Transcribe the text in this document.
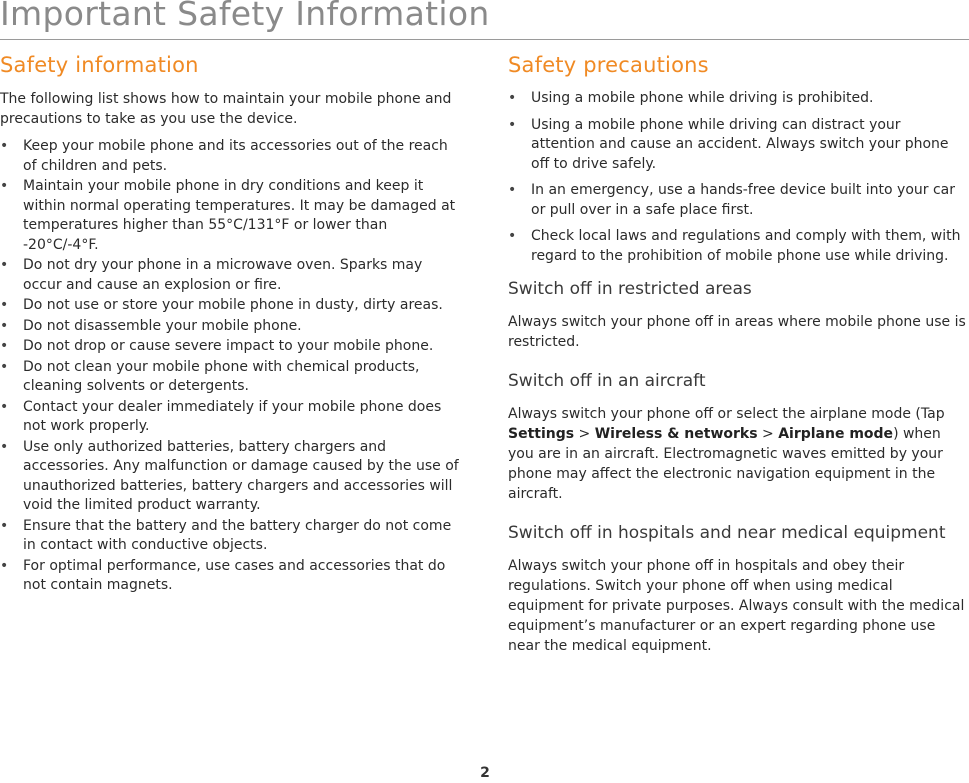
Important Safety Information
Safety information

The following list shows how to maintain your mobile phone and precautions to take as you use the device.

• Keep your mobile phone and its accessories out of the reach of children and pets.
• Maintain your mobile phone in dry conditions and keep it within normal operating temperatures. It may be damaged at temperatures higher than 55°C/131°F or lower than -20°C/-4°F.
• Do not dry your phone in a microwave oven. Sparks may occur and cause an explosion or fire.
• Do not use or store your mobile phone in dusty, dirty areas.
• Do not disassemble your mobile phone.
• Do not drop or cause severe impact to your mobile phone.
• Do not clean your mobile phone with chemical products, cleaning solvents or detergents.
• Contact your dealer immediately if your mobile phone does not work properly.
• Use only authorized batteries, battery chargers and accessories. Any malfunction or damage caused by the use of unauthorized batteries, battery chargers and accessories will void the limited product warranty.
• Ensure that the battery and the battery charger do not come in contact with conductive objects.
• For optimal performance, use cases and accessories that do not contain magnets.
Safety precautions
• Using a mobile phone while driving is prohibited.
• Using a mobile phone while driving can distract your attention and cause an accident. Always switch your phone off to drive safely.
• In an emergency, use a hands-free device built into your car or pull over in a safe place first.
• Check local laws and regulations and comply with them, with regard to the prohibition of mobile phone use while driving.
Switch off in restricted areas

Always switch your phone off in areas where mobile phone use is restricted.

Switch off in an aircraft

Always switch your phone off or select the airplane mode (Tap Settings > Wireless & networks > Airplane mode) when you are in an aircraft. Electromagnetic waves emitted by your phone may affect the electronic navigation equipment in the aircraft.

Switch off in hospitals and near medical equipment

Always switch your phone off in hospitals and obey their regulations. Switch your phone off when using medical equipment for private purposes. Always consult with the medical equipment’s manufacturer or an expert regarding phone use near the medical equipment.

2
